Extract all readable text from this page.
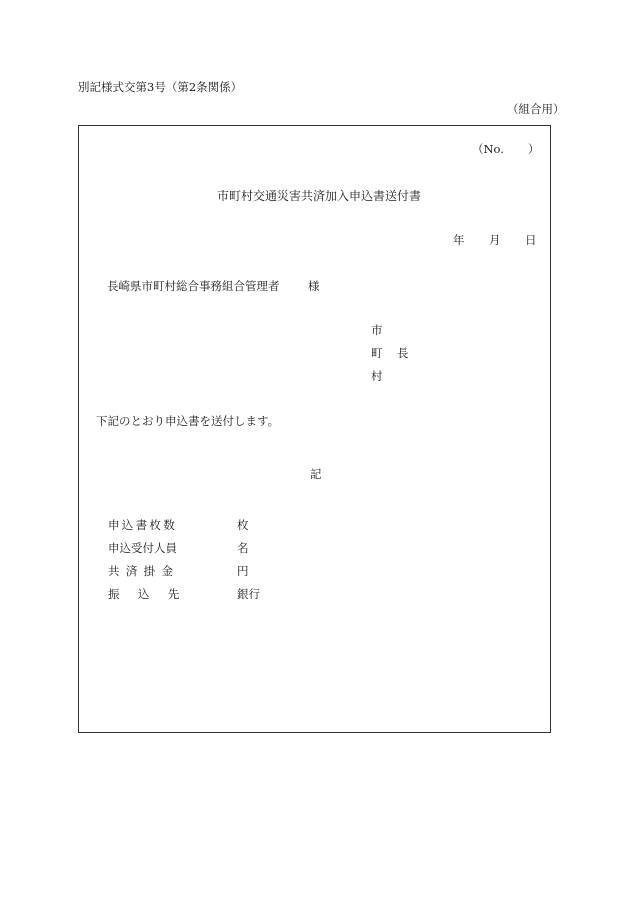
別記様式交第3号（第2条関係）
（組合用）
（No. ）
市町村交通災害共済加入申込書送付書
年 月 日
長崎県市町村総合事務組合管理者 様
市
町 長
村
下記のとおり申込書を送付します。
記
申込書枚数	枚
申込受付人員	名
共済掛金	円
振込先	銀行
